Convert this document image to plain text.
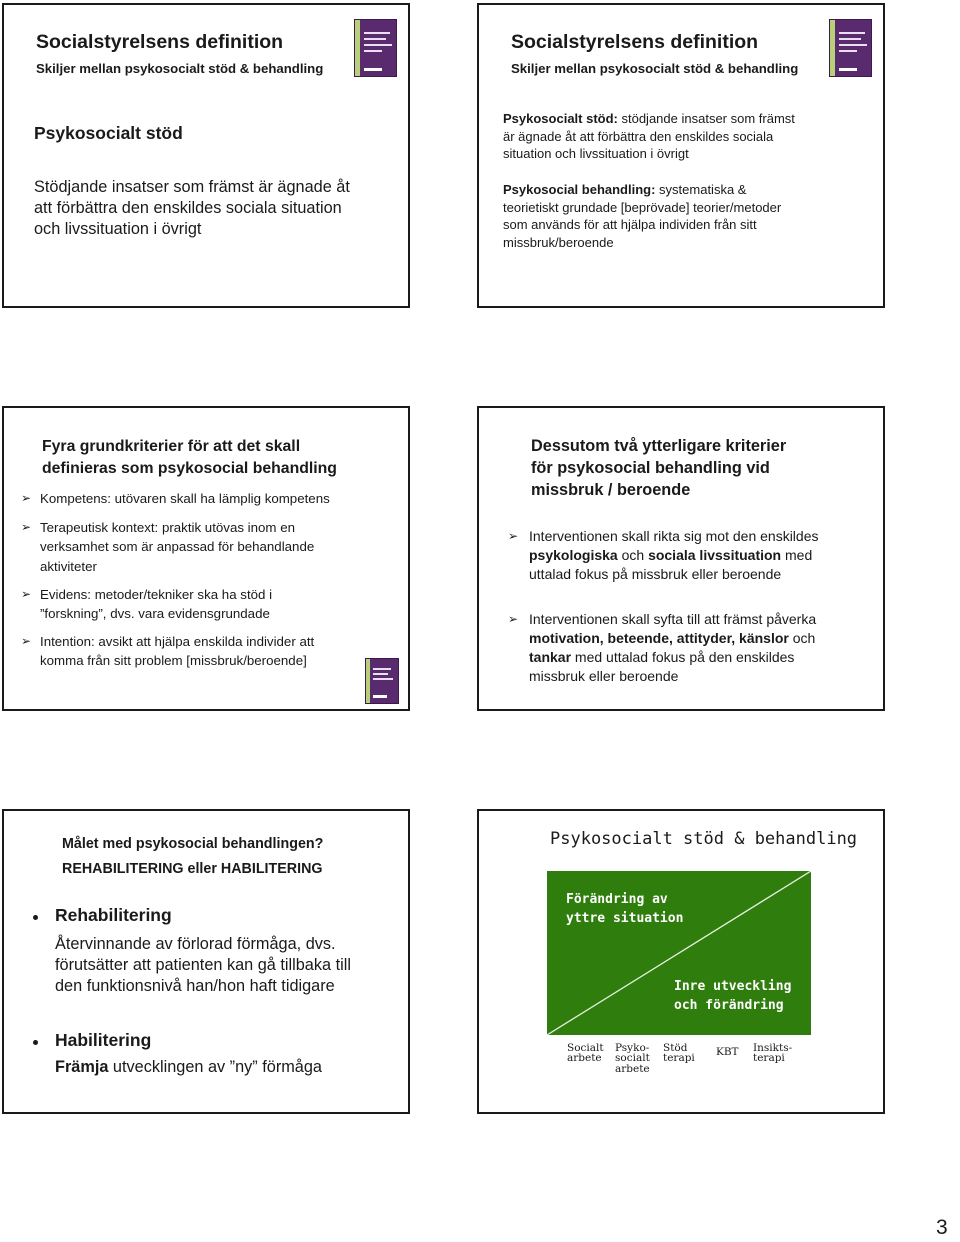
Socialstyrelsens definition
Skiljer mellan psykosocialt stöd & behandling
Psykosocialt stöd
Stödjande insatser som främst är ägnade åt
att förbättra den enskildes sociala situation
och livssituation i övrigt
Socialstyrelsens definition
Skiljer mellan psykosocialt stöd & behandling
Psykosocialt stöd: stödjande insatser som främst
är ägnade åt att förbättra den enskildes sociala
situation och livssituation i övrigt
Psykosocial behandling: systematiska &
teorietiskt grundade [beprövade] teorier/metoder
som används för att hjälpa individen från sitt
missbruk/beroende
Fyra grundkriterier för att det skall
definieras som psykosocial behandling
➢ Kompetens: utövaren skall ha lämplig kompetens
➢ Terapeutisk kontext: praktik utövas inom en
verksamhet som är anpassad för behandlande
aktiviteter
➢ Evidens: metoder/tekniker ska ha stöd i
”forskning”, dvs. vara evidensgrundade
➢ Intention: avsikt att hjälpa enskilda individer att
komma från sitt problem [missbruk/beroende]
Dessutom två ytterligare kriterier
för psykosocial behandling vid
missbruk / beroende
➢ Interventionen skall rikta sig mot den enskildes
psykologiska och sociala livssituation med
uttalad fokus på missbruk eller beroende
➢ Interventionen skall syfta till att främst påverka
motivation, beteende, attityder, känslor och
tankar med uttalad fokus på den enskildes
missbruk eller beroende
Målet med psykosocial behandlingen?
REHABILITERING eller HABILITERING
Rehabilitering
Återvinnande av förlorad förmåga, dvs.
förutsätter att patienten kan gå tillbaka till
den funktionsnivå han/hon haft tidigare
Habilitering
Främja utvecklingen av ”ny” förmåga
Psykosocialt stöd & behandling
Förändring av
yttre situation
Inre utveckling
och förändring
Socialt
arbete
Psyko-
socialt
arbete
Stöd
terapi
KBT Insikts-
terapi
3
